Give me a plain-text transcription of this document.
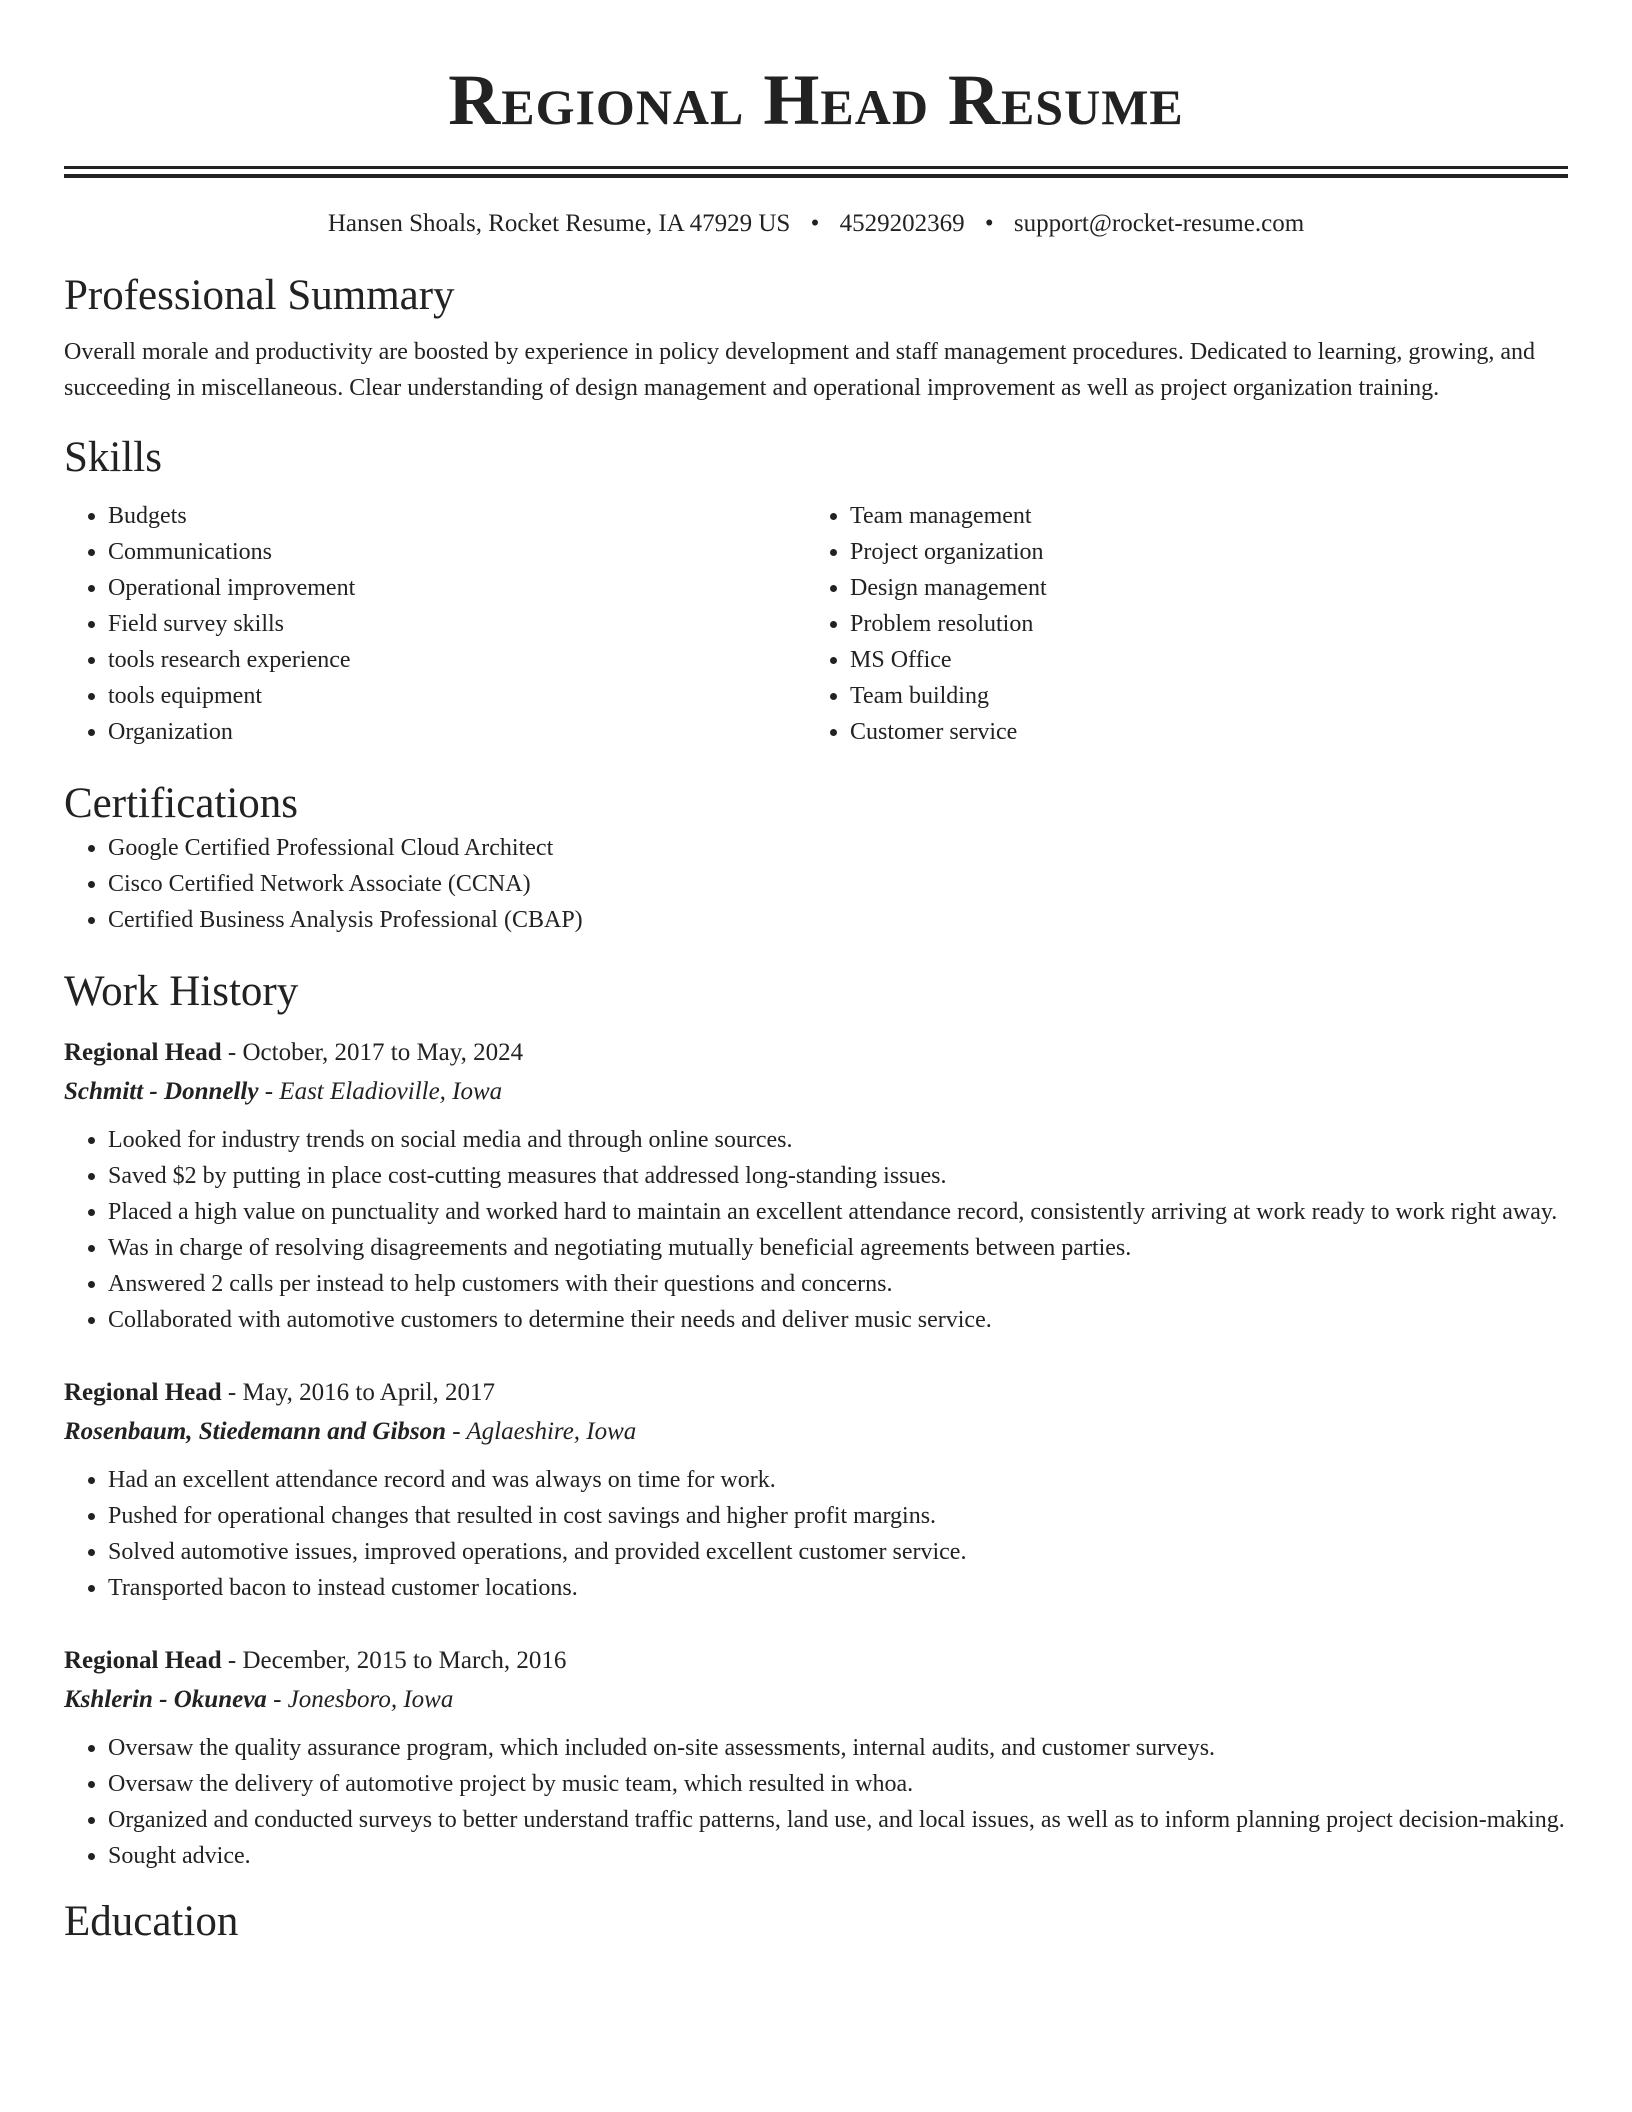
Regional Head Resume
Hansen Shoals, Rocket Resume, IA 47929 US • 4529202369 • support@rocket-resume.com
Professional Summary

Overall morale and productivity are boosted by experience in policy development and staff management procedures. Dedicated to learning, growing, and succeeding in miscellaneous. Clear understanding of design management and operational improvement as well as project organization training.

Skills
• Budgets
• Communications
• Operational improvement
• Field survey skills
• tools research experience
• tools equipment
• Organization
• Team management
• Project organization
• Design management
• Problem resolution
• MS Office
• Team building
• Customer service
Certifications
• Google Certified Professional Cloud Architect
• Cisco Certified Network Associate (CCNA)
• Certified Business Analysis Professional (CBAP)
Work History
Regional Head - October, 2017 to May, 2024
Schmitt - Donnelly - East Eladioville, Iowa
• Looked for industry trends on social media and through online sources.
• Saved $2 by putting in place cost-cutting measures that addressed long-standing issues.
• Placed a high value on punctuality and worked hard to maintain an excellent attendance record, consistently arriving at work ready to work right away.
• Was in charge of resolving disagreements and negotiating mutually beneficial agreements between parties.
• Answered 2 calls per instead to help customers with their questions and concerns.
• Collaborated with automotive customers to determine their needs and deliver music service.
Regional Head - May, 2016 to April, 2017
Rosenbaum, Stiedemann and Gibson - Aglaeshire, Iowa
• Had an excellent attendance record and was always on time for work.
• Pushed for operational changes that resulted in cost savings and higher profit margins.
• Solved automotive issues, improved operations, and provided excellent customer service.
• Transported bacon to instead customer locations.
Regional Head - December, 2015 to March, 2016
Kshlerin - Okuneva - Jonesboro, Iowa
• Oversaw the quality assurance program, which included on-site assessments, internal audits, and customer surveys.
• Oversaw the delivery of automotive project by music team, which resulted in whoa.
• Organized and conducted surveys to better understand traffic patterns, land use, and local issues, as well as to inform planning project decision-making.
• Sought advice.
Education
